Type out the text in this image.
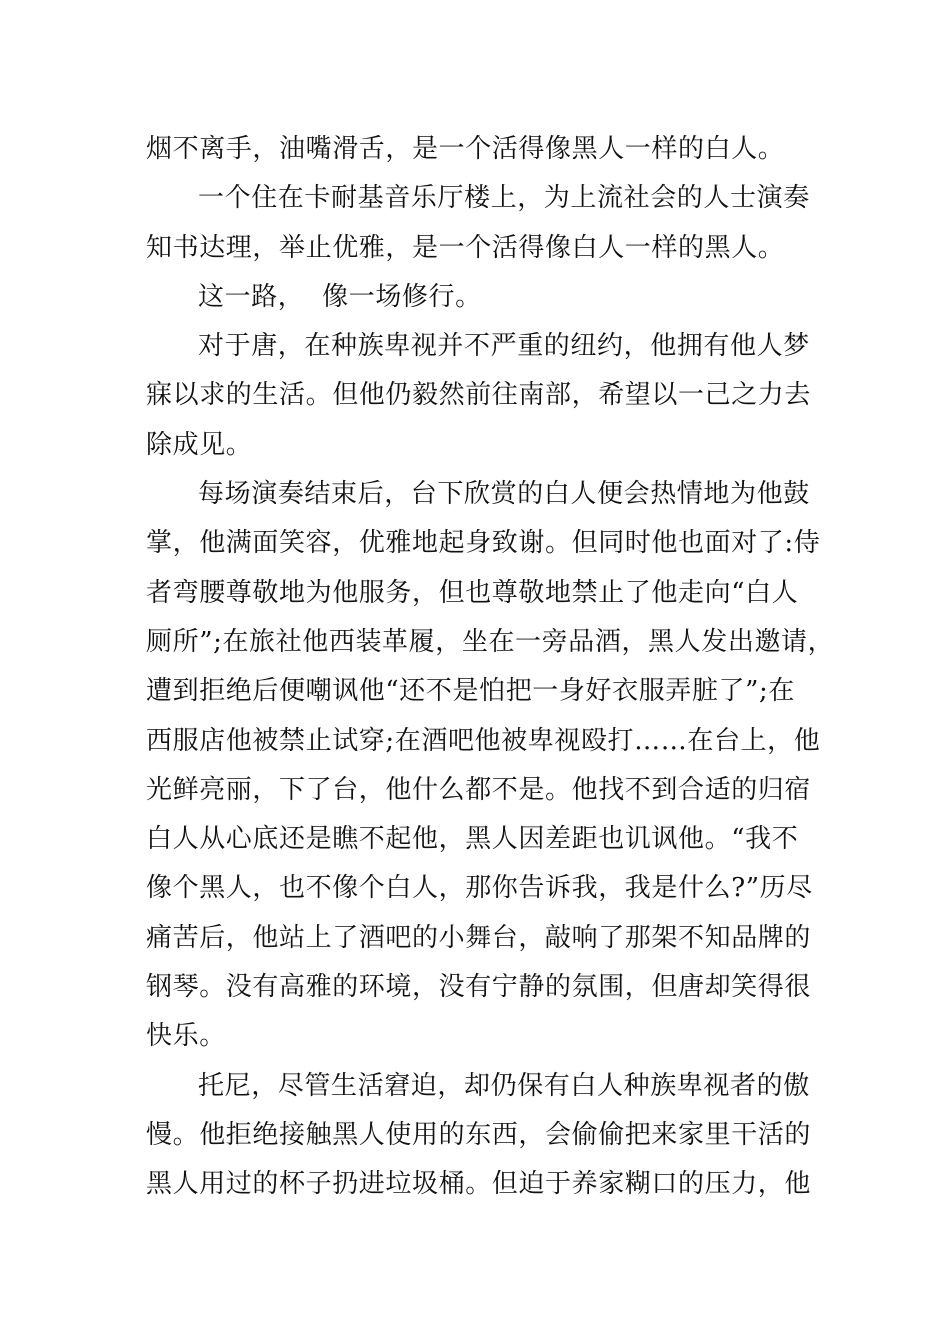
烟不离手，油嘴滑舌，是一个活得像黑人一样的白人。
一个住在卡耐基音乐厅楼上，为上流社会的人士演奏
知书达理，举止优雅，是一个活得像白人一样的黑人。
这一路，  像一场修行。
对于唐，在种族卑视并不严重的纽约，他拥有他人梦
寐以求的生活。但他仍毅然前往南部，希望以一己之力去
除成见。
每场演奏结束后，台下欣赏的白人便会热情地为他鼓
掌，他满面笑容，优雅地起身致谢。但同时他也面对了:侍
者弯腰尊敬地为他服务，但也尊敬地禁止了他走向“白人
厕所”;在旅社他西装革履，坐在一旁品酒，黑人发出邀请，
遭到拒绝后便嘲讽他“还不是怕把一身好衣服弄脏了”;在
西服店他被禁止试穿;在酒吧他被卑视殴打……在台上，他
光鲜亮丽，下了台，他什么都不是。他找不到合适的归宿
白人从心底还是瞧不起他，黑人因差距也讥讽他。“我不
像个黑人，也不像个白人，那你告诉我，我是什么?”历尽
痛苦后，他站上了酒吧的小舞台，敲响了那架不知品牌的
钢琴。没有高雅的环境，没有宁静的氛围，但唐却笑得很
快乐。
托尼，尽管生活窘迫，却仍保有白人种族卑视者的傲
慢。他拒绝接触黑人使用的东西，会偷偷把来家里干活的
黑人用过的杯子扔进垃圾桶。但迫于养家糊口的压力，他
